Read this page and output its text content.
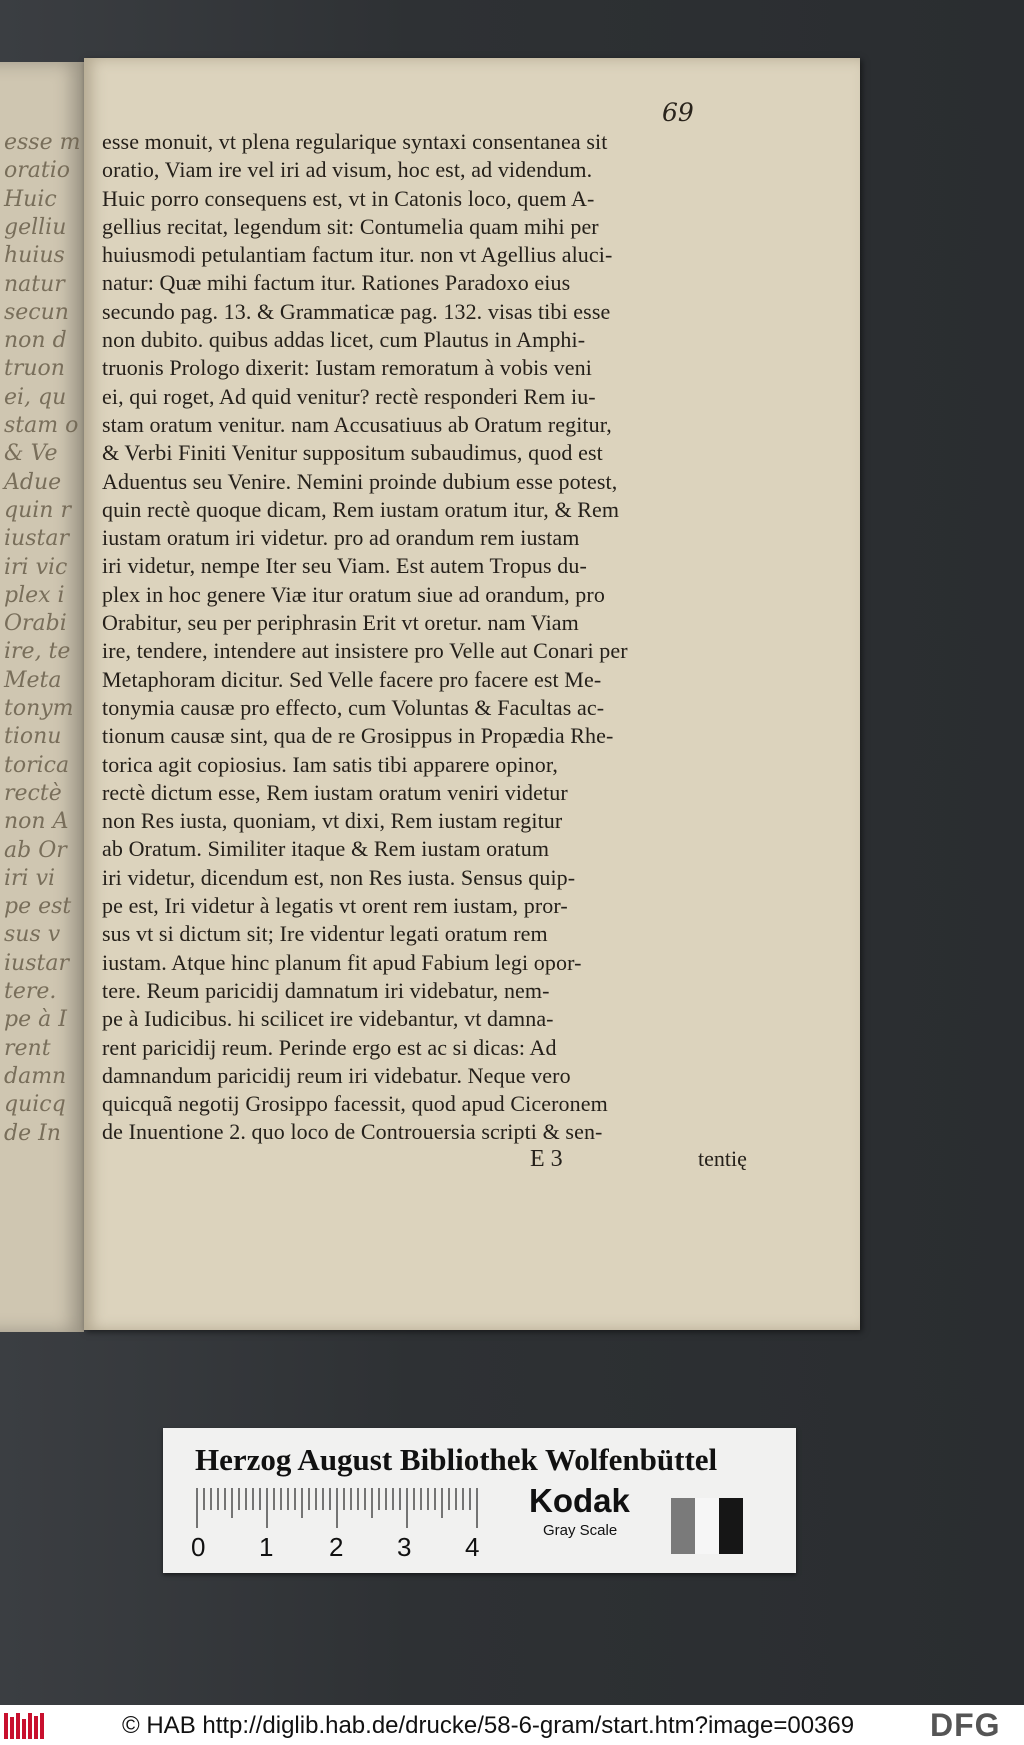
esse m
oratio
Huic
gelliu
huius
natur
secun
non d
truon
ei, qu
stam o
& Ve
Adue
quin r
iustar
iri vic
plex i
Orabi
ire, te
Meta
tonym
tionu
torica
rectè
non A
ab Or
iri vi
pe est
sus v
iustar
tere.
pe à I
rent
damn
quicq
de In
69
esse monuit, vt plena regularique syntaxi consentanea sit
oratio, Viam ire vel iri ad visum, hoc est, ad videndum.
Huic porro consequens est, vt in Catonis loco, quem A-
gellius recitat, legendum sit: Contumelia quam mihi per
huiusmodi petulantiam factum itur. non vt Agellius aluci-
natur: Quæ mihi factum itur. Rationes Paradoxo eius
secundo pag. 13. & Grammaticæ pag. 132. visas tibi esse
non dubito. quibus addas licet, cum Plautus in Amphi-
truonis Prologo dixerit: Iustam remoratum à vobis veni
ei, qui roget, Ad quid venitur? rectè responderi Rem iu-
stam oratum venitur. nam Accusatiuus ab Oratum regitur,
& Verbi Finiti Venitur suppositum subaudimus, quod est
Aduentus seu Venire. Nemini proinde dubium esse potest,
quin rectè quoque dicam, Rem iustam oratum itur, & Rem
iustam oratum iri videtur. pro ad orandum rem iustam
iri videtur, nempe Iter seu Viam. Est autem Tropus du-
plex in hoc genere Viæ itur oratum siue ad orandum, pro
Orabitur, seu per periphrasin Erit vt oretur. nam Viam
ire, tendere, intendere aut insistere pro Velle aut Conari per
Metaphoram dicitur. Sed Velle facere pro facere est Me-
tonymia causæ pro effecto, cum Voluntas & Facultas ac-
tionum causæ sint, qua de re Grosippus in Propædia Rhe-
torica agit copiosius. Iam satis tibi apparere opinor,
rectè dictum esse, Rem iustam oratum veniri videtur
non Res iusta, quoniam, vt dixi, Rem iustam regitur
ab Oratum. Similiter itaque & Rem iustam oratum
iri videtur, dicendum est, non Res iusta. Sensus quip-
pe est, Iri videtur à legatis vt orent rem iustam, pror-
sus vt si dictum sit; Ire videntur legati oratum rem
iustam. Atque hinc planum fit apud Fabium legi opor-
tere. Reum paricidij damnatum iri videbatur, nem-
pe à Iudicibus. hi scilicet ire videbantur, vt damna-
rent paricidij reum. Perinde ergo est ac si dicas: Ad
damnandum paricidij reum iri videbatur. Neque vero
quicquã negotij Grosippo facessit, quod apud Ciceronem
de Inuentione 2. quo loco de Controuersia scripti & sen-
E 3	tentię
Herzog August Bibliothek Wolfenbüttel
0 1 2 3 4
Kodak
Gray Scale
© HAB http://diglib.hab.de/drucke/58-6-gram/start.htm?image=00369 DFG
